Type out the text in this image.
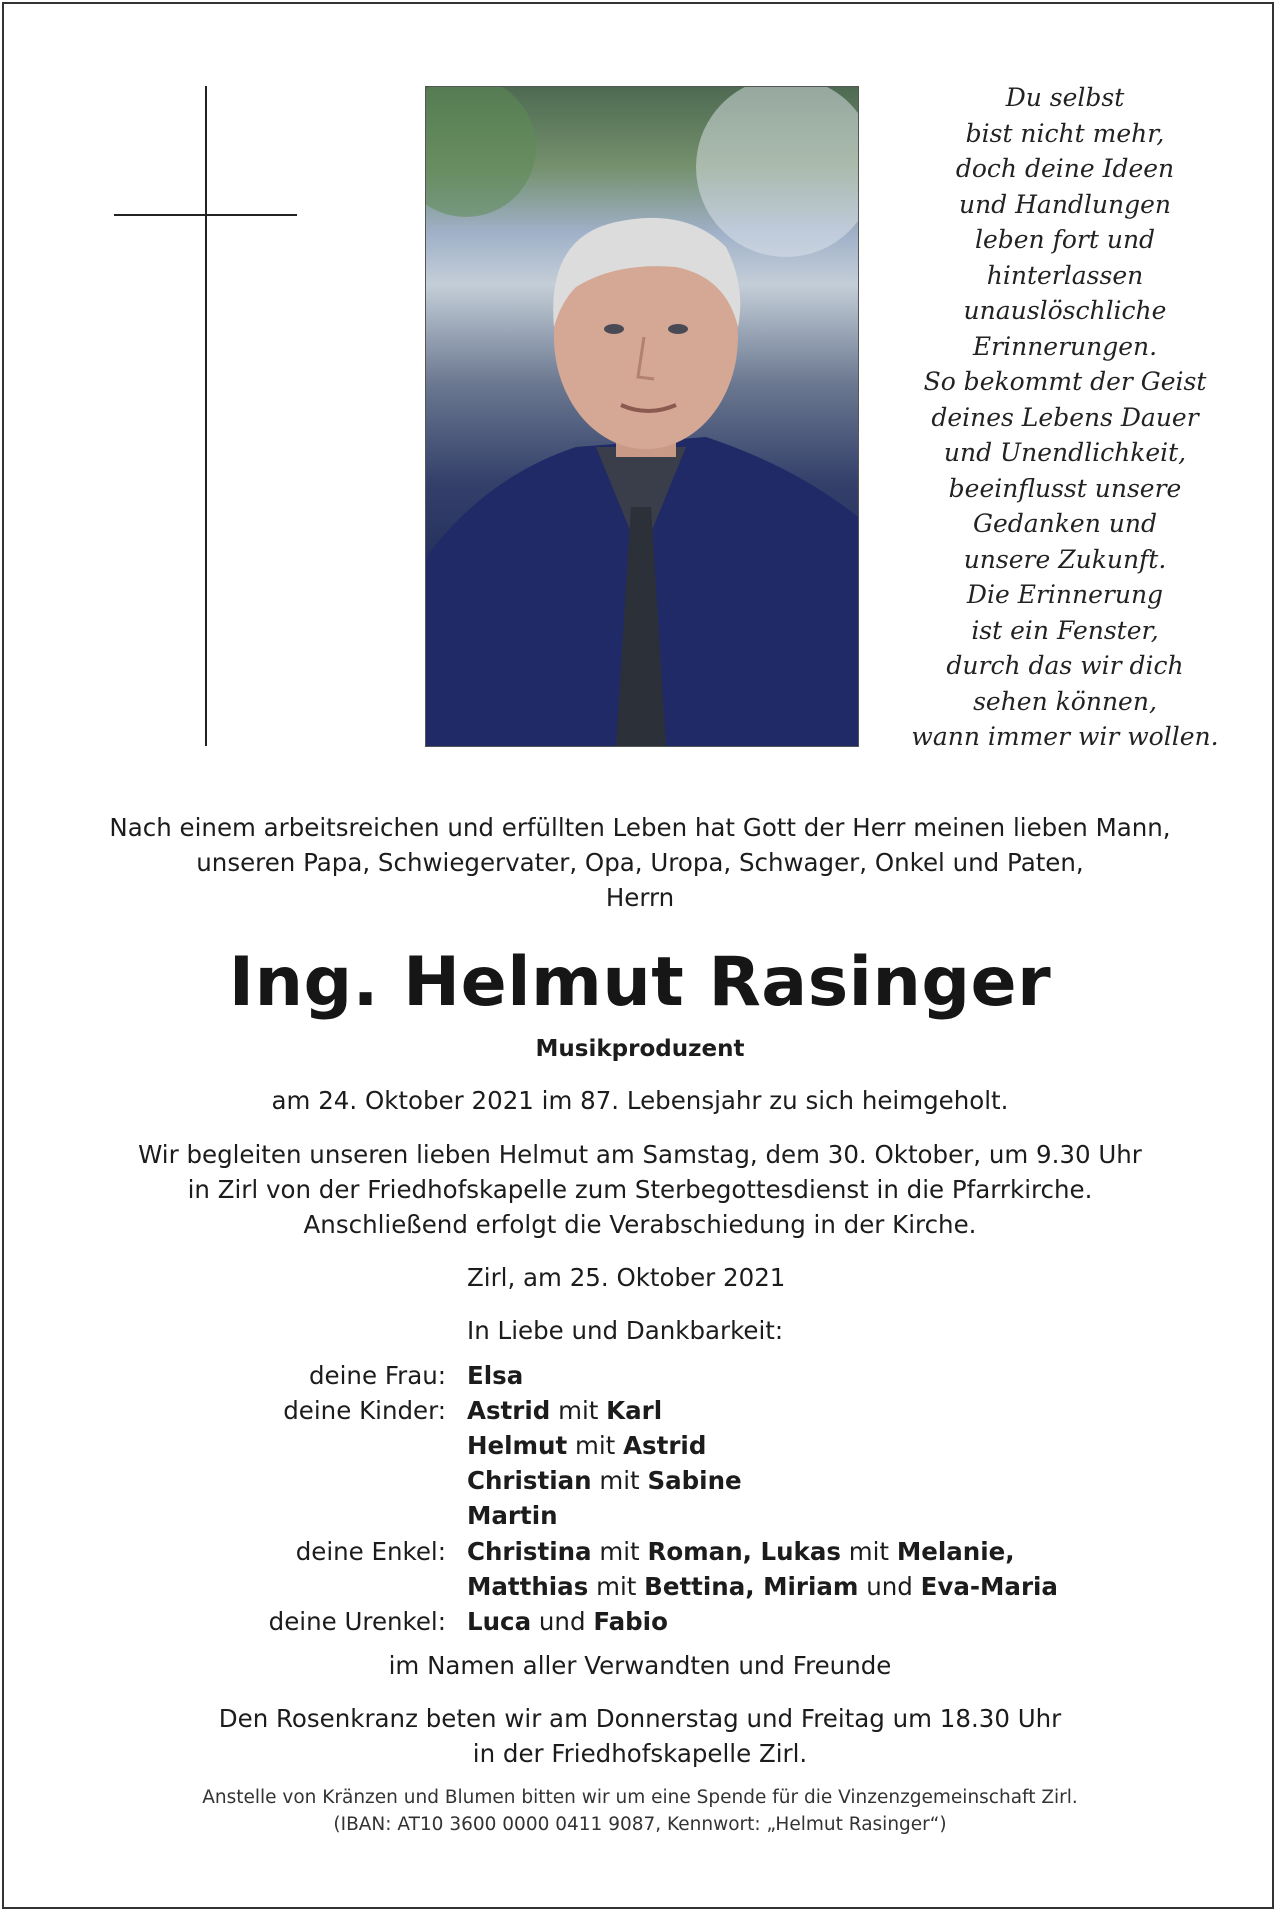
Du selbst
bist nicht mehr,
doch deine Ideen
und Handlungen
leben fort und
hinterlassen
unauslöschliche
Erinnerungen.
So bekommt der Geist
deines Lebens Dauer
und Unendlichkeit,
beeinflusst unsere
Gedanken und
unsere Zukunft.
Die Erinnerung
ist ein Fenster,
durch das wir dich
sehen können,
wann immer wir wollen.
Nach einem arbeitsreichen und erfüllten Leben hat Gott der Herr meinen lieben Mann,
unseren Papa, Schwiegervater, Opa, Uropa, Schwager, Onkel und Paten,
Herrn
Ing. Helmut Rasinger
Musikproduzent
am 24. Oktober 2021 im 87. Lebensjahr zu sich heimgeholt.
Wir begleiten unseren lieben Helmut am Samstag, dem 30. Oktober, um 9.30 Uhr
in Zirl von der Friedhofskapelle zum Sterbegottesdienst in die Pfarrkirche.
Anschließend erfolgt die Verabschiedung in der Kirche.
Zirl, am 25. Oktober 2021
In Liebe und Dankbarkeit:
deine Frau: Elsa
deine Kinder: Astrid mit Karl
Helmut mit Astrid
Christian mit Sabine
Martin
deine Enkel: Christina mit Roman, Lukas mit Melanie,
Matthias mit Bettina, Miriam und Eva-Maria
deine Urenkel: Luca und Fabio
im Namen aller Verwandten und Freunde
Den Rosenkranz beten wir am Donnerstag und Freitag um 18.30 Uhr
in der Friedhofskapelle Zirl.
Anstelle von Kränzen und Blumen bitten wir um eine Spende für die Vinzenzgemeinschaft Zirl.
(IBAN: AT10 3600 0000 0411 9087, Kennwort: „Helmut Rasinger“)
